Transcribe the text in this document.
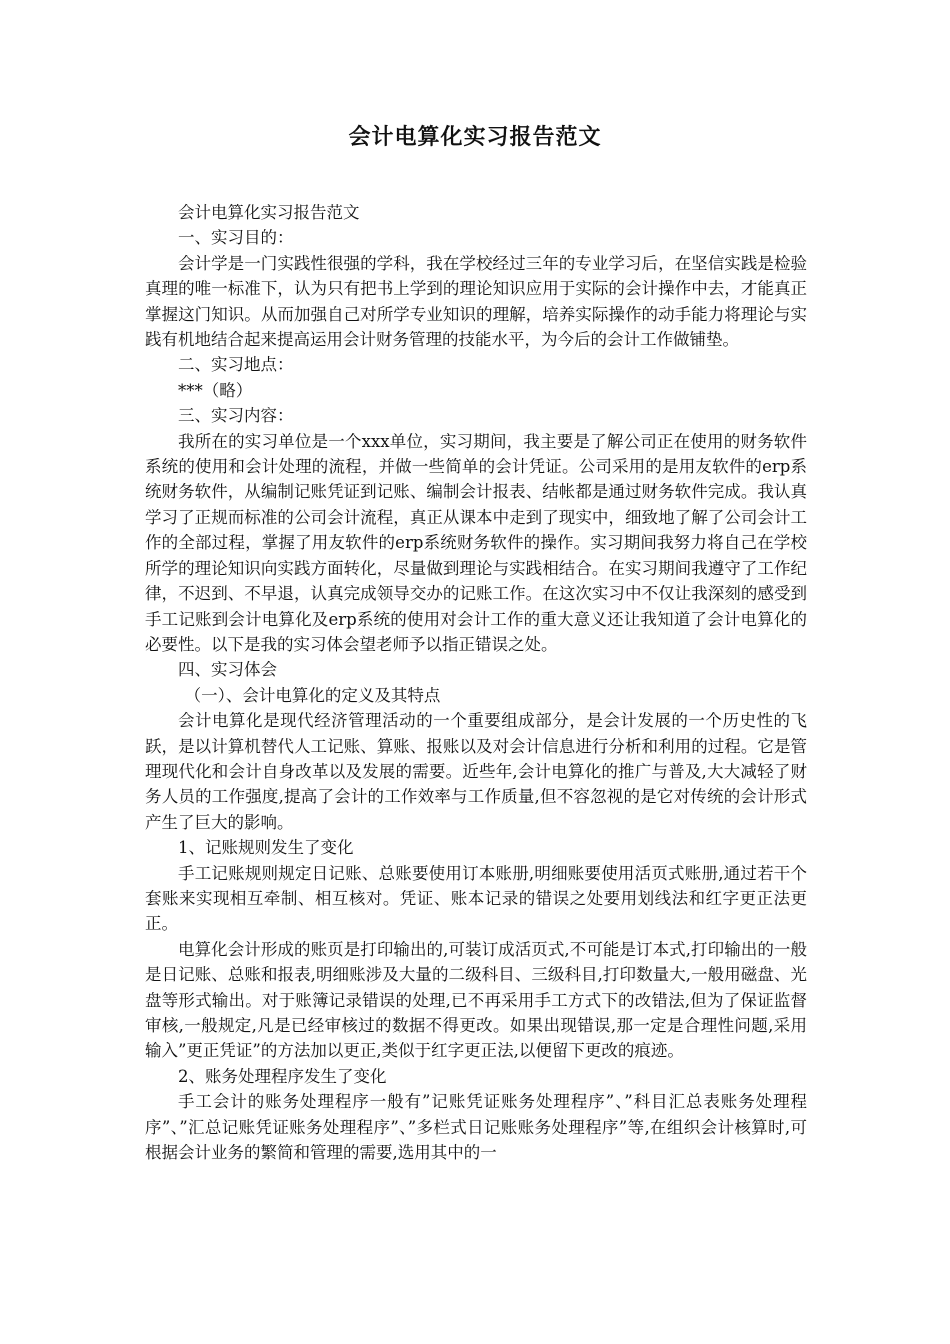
会计电算化实习报告范文

会计电算化实习报告范文

一、实习目的：

会计学是一门实践性很强的学科，我在学校经过三年的专业学习后，在坚信实践是检验真理的唯一标准下，认为只有把书上学到的理论知识应用于实际的会计操作中去，才能真正掌握这门知识。从而加强自己对所学专业知识的理解，培养实际操作的动手能力将理论与实践有机地结合起来提高运用会计财务管理的技能水平，为今后的会计工作做铺垫。

二、实习地点：

***（略）

三、实习内容：

我所在的实习单位是一个xxx单位，实习期间，我主要是了解公司正在使用的财务软件系统的使用和会计处理的流程，并做一些简单的会计凭证。公司采用的是用友软件的erp系统财务软件，从编制记账凭证到记账、编制会计报表、结帐都是通过财务软件完成。我认真学习了正规而标准的公司会计流程，真正从课本中走到了现实中，细致地了解了公司会计工作的全部过程，掌握了用友软件的erp系统财务软件的操作。实习期间我努力将自己在学校所学的理论知识向实践方面转化，尽量做到理论与实践相结合。在实习期间我遵守了工作纪律，不迟到、不早退，认真完成领导交办的记账工作。在这次实习中不仅让我深刻的感受到手工记账到会计电算化及erp系统的使用对会计工作的重大意义还让我知道了会计电算化的必要性。以下是我的实习体会望老师予以指正错误之处。

四、实习体会

（一）、会计电算化的定义及其特点

会计电算化是现代经济管理活动的一个重要组成部分，是会计发展的一个历史性的飞跃，是以计算机替代人工记账、算账、报账以及对会计信息进行分析和利用的过程。它是管理现代化和会计自身改革以及发展的需要。近些年,会计电算化的推广与普及,大大减轻了财务人员的工作强度,提高了会计的工作效率与工作质量,但不容忽视的是它对传统的会计形式产生了巨大的影响。

1、记账规则发生了变化

手工记账规则规定日记账、总账要使用订本账册,明细账要使用活页式账册,通过若干个套账来实现相互牵制、相互核对。凭证、账本记录的错误之处要用划线法和红字更正法更正。

电算化会计形成的账页是打印输出的,可装订成活页式,不可能是订本式,打印输出的一般是日记账、总账和报表,明细账涉及大量的二级科目、三级科目,打印数量大,一般用磁盘、光盘等形式输出。对于账簿记录错误的处理,已不再采用手工方式下的改错法,但为了保证监督审核,一般规定,凡是已经审核过的数据不得更改。如果出现错误,那一定是合理性问题,采用输入”更正凭证”的方法加以更正,类似于红字更正法,以便留下更改的痕迹。

2、账务处理程序发生了变化

手工会计的账务处理程序一般有”记账凭证账务处理程序”、”科目汇总表账务处理程序”、”汇总记账凭证账务处理程序”、”多栏式日记账账务处理程序”等,在组织会计核算时,可根据会计业务的繁简和管理的需要,选用其中的一
